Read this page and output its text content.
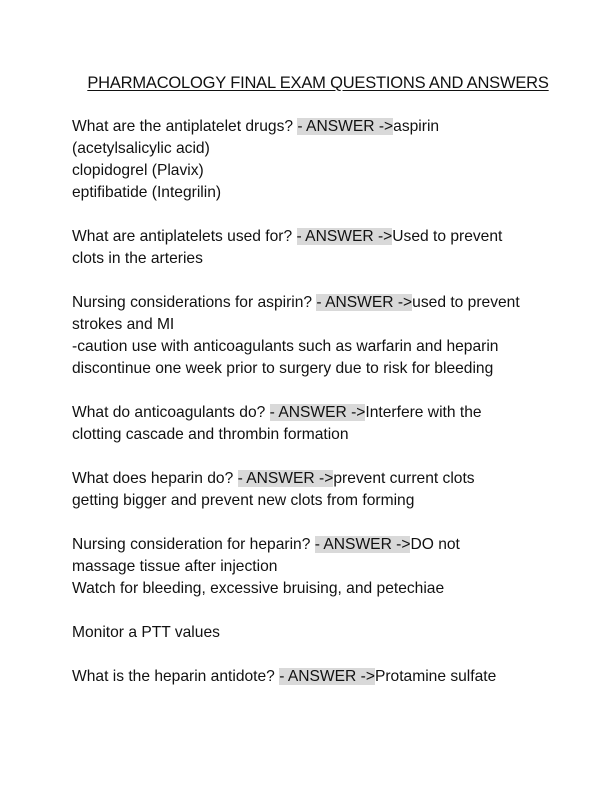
PHARMACOLOGY FINAL EXAM QUESTIONS AND ANSWERS

What are the antiplatelet drugs? - ANSWER ->aspirin
(acetylsalicylic acid)
clopidogrel (Plavix)
eptifibatide (Integrilin)

What are antiplatelets used for? - ANSWER ->Used to prevent
clots in the arteries

Nursing considerations for aspirin? - ANSWER ->used to prevent
strokes and MI
-caution use with anticoagulants such as warfarin and heparin
discontinue one week prior to surgery due to risk for bleeding

What do anticoagulants do? - ANSWER ->Interfere with the
clotting cascade and thrombin formation

What does heparin do? - ANSWER ->prevent current clots
getting bigger and prevent new clots from forming

Nursing consideration for heparin? - ANSWER ->DO not
massage tissue after injection
Watch for bleeding, excessive bruising, and petechiae

Monitor a PTT values

What is the heparin antidote? - ANSWER ->Protamine sulfate
